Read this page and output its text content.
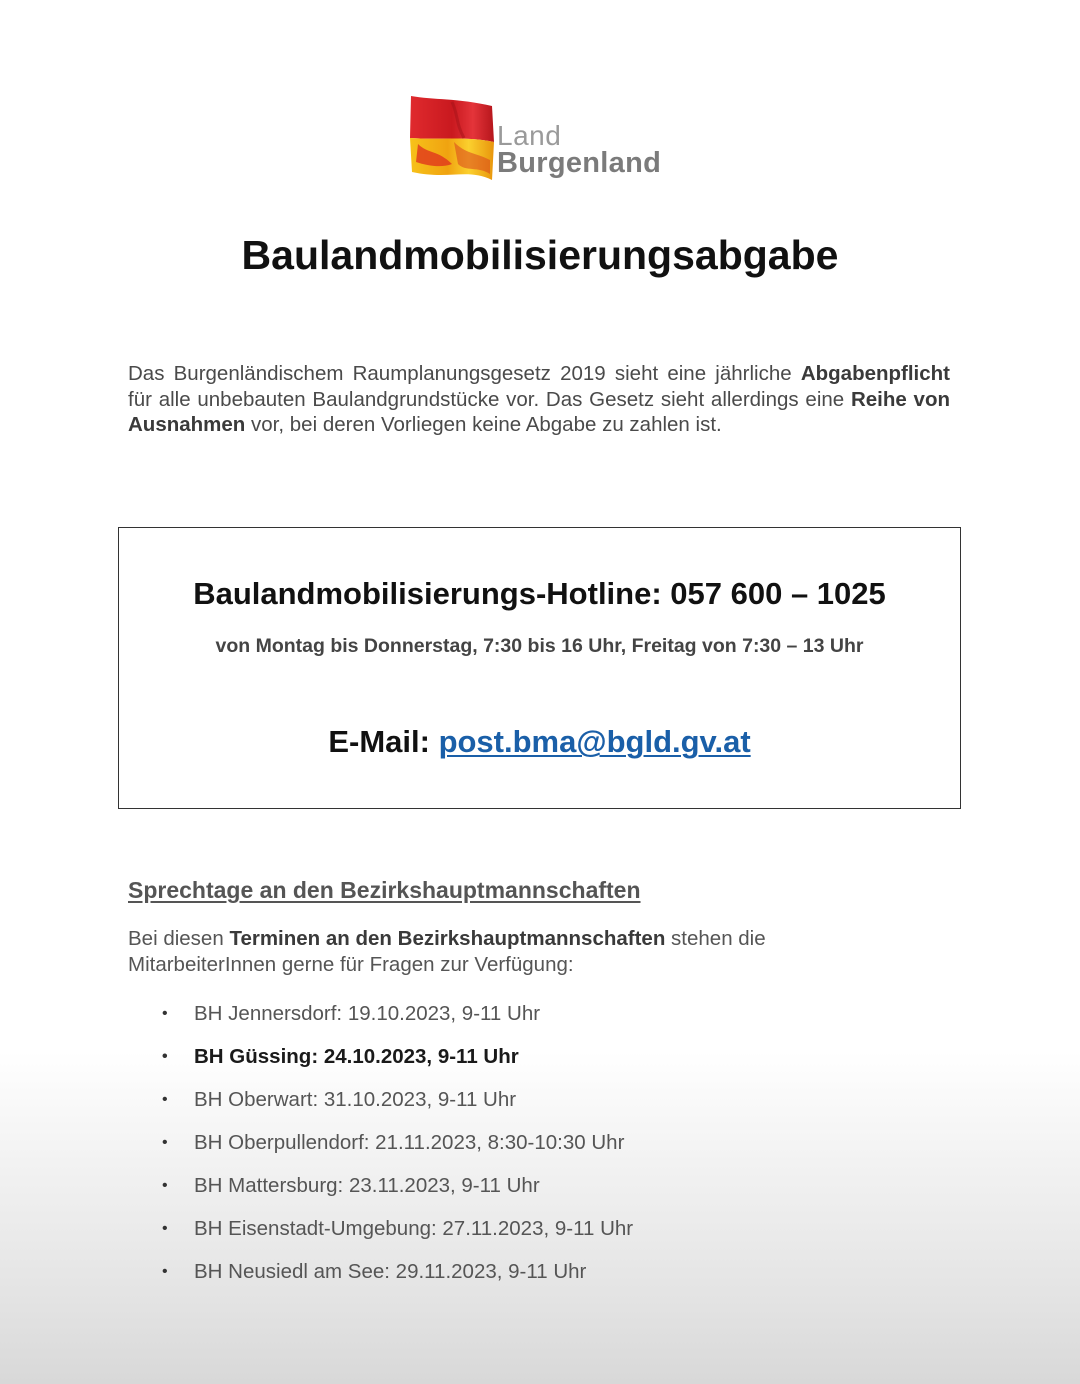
Land
Burgenland
Baulandmobilisierungsabgabe

Das Burgenländischem Raumplanungsgesetz 2019 sieht eine jährliche Abgabenpflicht für alle unbebauten Baulandgrundstücke vor. Das Gesetz sieht allerdings eine Reihe von Ausnahmen vor, bei deren Vorliegen keine Abgabe zu zahlen ist.

Baulandmobilisierungs-Hotline: 057 600 – 1025
von Montag bis Donnerstag, 7:30 bis 16 Uhr, Freitag von 7:30 – 13 Uhr
E-Mail: post.bma@bgld.gv.at
Sprechtage an den Bezirkshauptmannschaften

Bei diesen Terminen an den Bezirkshauptmannschaften stehen die MitarbeiterInnen gerne für Fragen zur Verfügung:

• BH Jennersdorf: 19.10.2023, 9-11 Uhr
• BH Güssing: 24.10.2023, 9-11 Uhr
• BH Oberwart: 31.10.2023, 9-11 Uhr
• BH Oberpullendorf: 21.11.2023, 8:30-10:30 Uhr
• BH Mattersburg: 23.11.2023, 9-11 Uhr
• BH Eisenstadt-Umgebung: 27.11.2023, 9-11 Uhr
• BH Neusiedl am See: 29.11.2023, 9-11 Uhr
